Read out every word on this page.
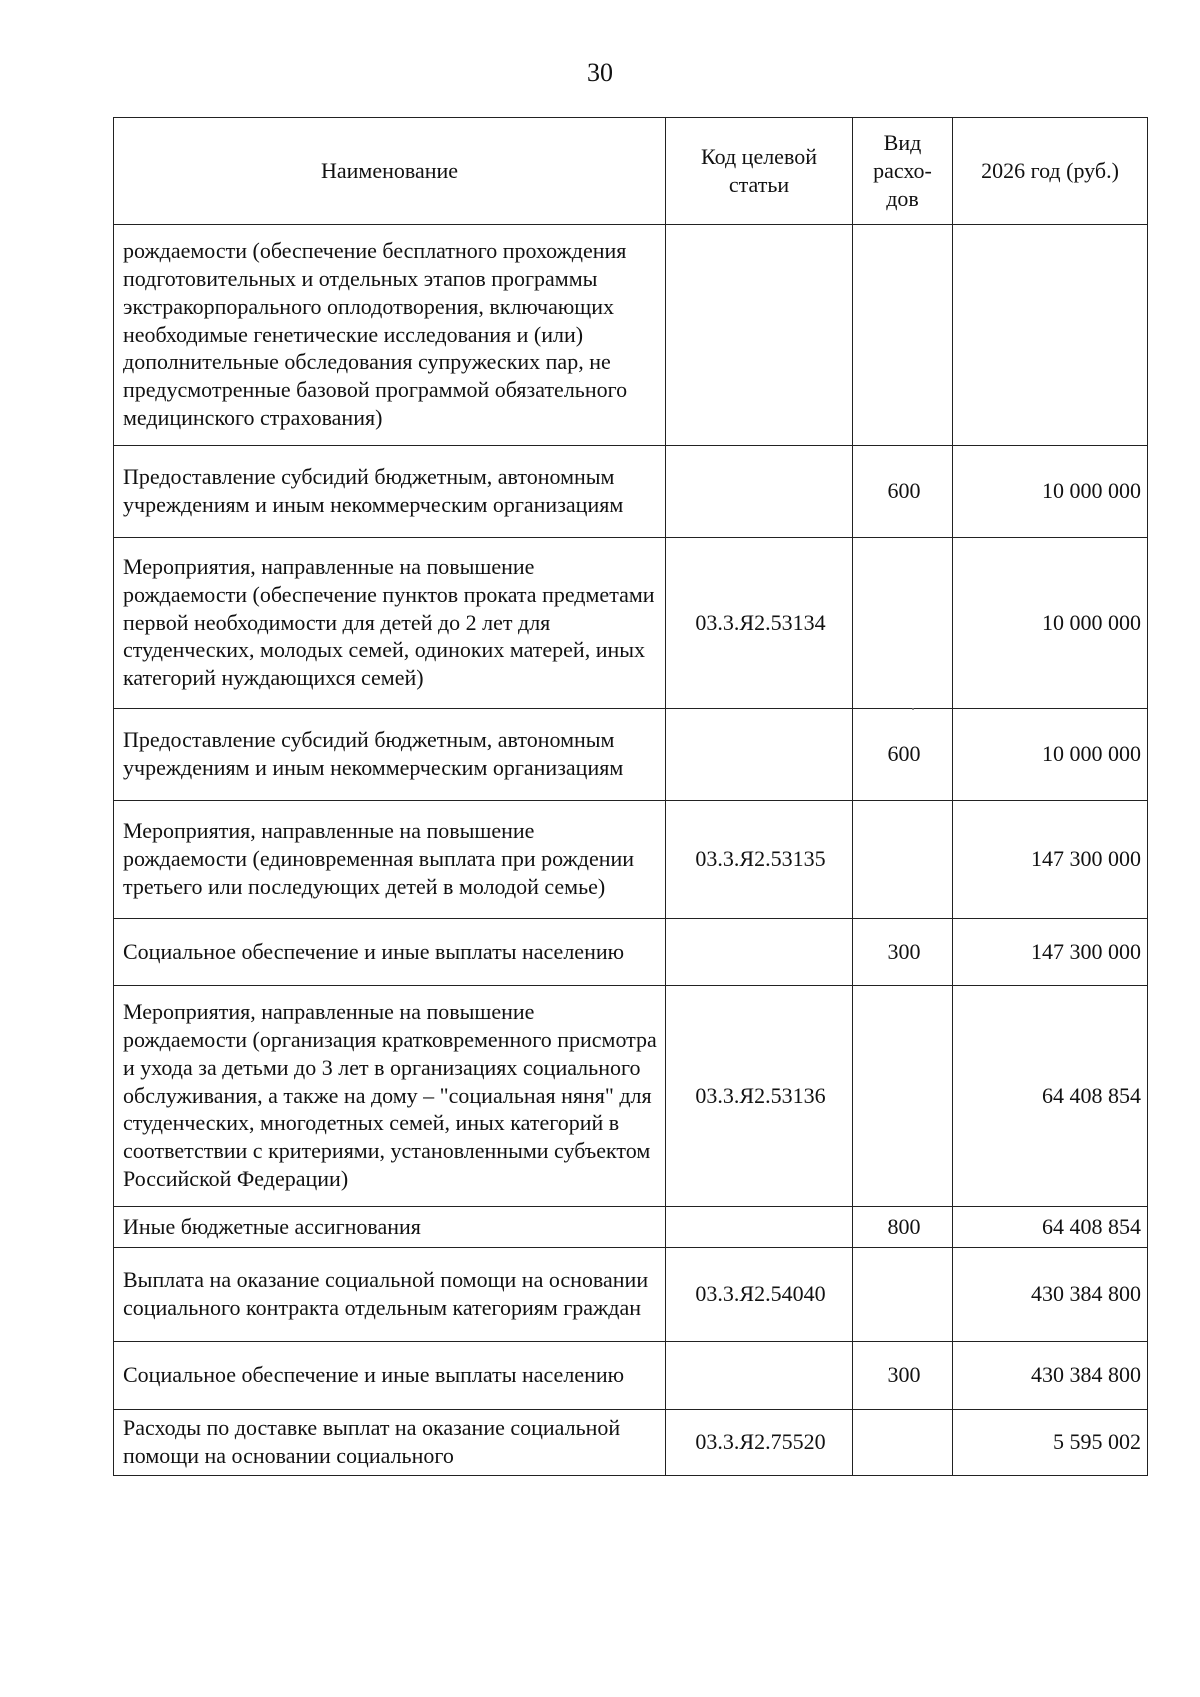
30
Наименование	Код целевой статьи	Вид расхо-дов	2026 год (руб.)
рождаемости (обеспечение бесплатного прохождения подготовительных и отдельных этапов программы экстракорпорального оплодотворения, включающих необходимые генетические исследования и (или) дополнительные обследования супружеских пар, не предусмотренные базовой программой обязательного медицинского страхования)			
Предоставление субсидий бюджетным, автономным учреждениям и иным некоммерческим организациям		600	10 000 000
Мероприятия, направленные на повышение рождаемости (обеспечение пунктов проката предметами первой необходимости для детей до 2 лет для студенческих, молодых семей, одиноких матерей, иных категорий нуждающихся семей)	03.3.Я2.53134		10 000 000
Предоставление субсидий бюджетным, автономным учреждениям и иным некоммерческим организациям		600	10 000 000
Мероприятия, направленные на повышение рождаемости (единовременная выплата при рождении третьего или последующих детей в молодой семье)	03.3.Я2.53135		147 300 000
Социальное обеспечение и иные выплаты населению		300	147 300 000
Мероприятия, направленные на повышение рождаемости (организация кратковременного присмотра и ухода за детьми до 3 лет в организациях социального обслуживания, а также на дому – "социальная няня" для студенческих, многодетных семей, иных категорий в соответствии с критериями, установленными субъектом Российской Федерации)	03.3.Я2.53136		64 408 854
Иные бюджетные ассигнования		800	64 408 854
Выплата на оказание социальной помощи на основании социального контракта отдельным категориям граждан	03.3.Я2.54040		430 384 800
Социальное обеспечение и иные выплаты населению		300	430 384 800
Расходы по доставке выплат на оказание социальной помощи на основании социального	03.3.Я2.75520		5 595 002
